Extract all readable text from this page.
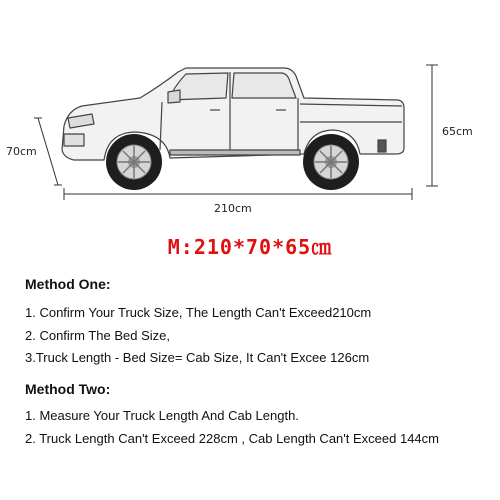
70cm
65cm
210cm
M:210*70*65㎝
Method One:
1. Confirm Your Truck Size, The Length Can't Exceed210cm
2. Confirm The Bed Size,
3.Truck Length - Bed Size= Cab Size, It Can't Excee 126cm
Method Two:
1. Measure Your Truck Length And Cab Length.
2. Truck Length Can't Exceed 228cm , Cab Length Can't Exceed 144cm
